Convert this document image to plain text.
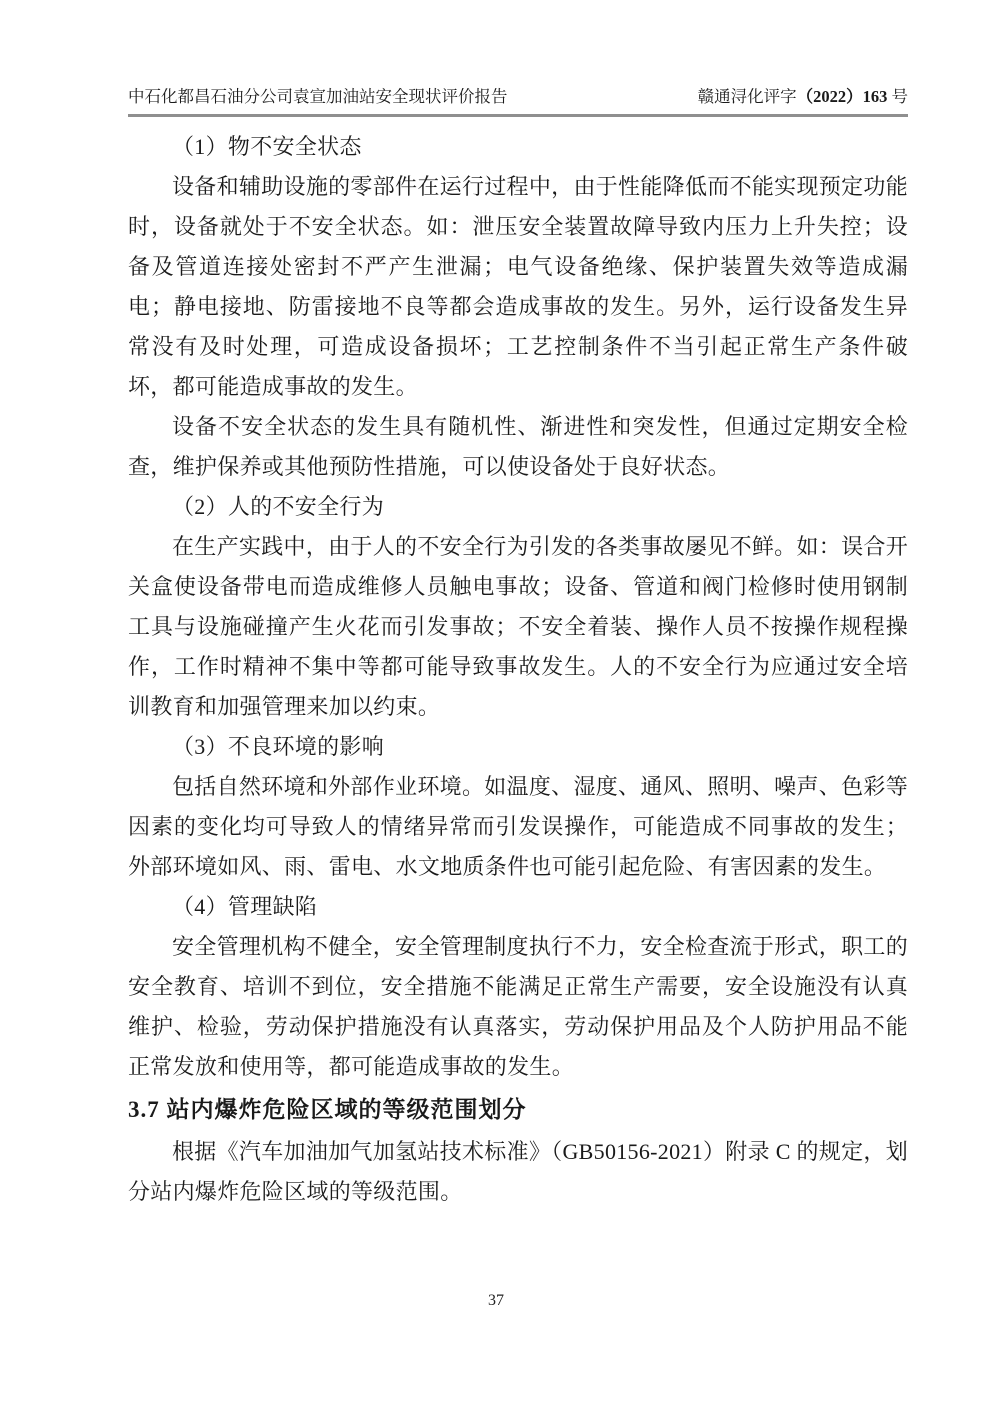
中石化都昌石油分公司袁宣加油站安全现状评价报告	赣通浔化评字（2022）163 号
（1）物不安全状态
设备和辅助设施的零部件在运行过程中，由于性能降低而不能实现预定功能时，设备就处于不安全状态。如：泄压安全装置故障导致内压力上升失控；设备及管道连接处密封不严产生泄漏；电气设备绝缘、保护装置失效等造成漏电；静电接地、防雷接地不良等都会造成事故的发生。另外，运行设备发生异常没有及时处理，可造成设备损坏；工艺控制条件不当引起正常生产条件破坏，都可能造成事故的发生。
设备不安全状态的发生具有随机性、渐进性和突发性，但通过定期安全检查，维护保养或其他预防性措施，可以使设备处于良好状态。
（2）人的不安全行为
在生产实践中，由于人的不安全行为引发的各类事故屡见不鲜。如：误合开关盒使设备带电而造成维修人员触电事故；设备、管道和阀门检修时使用钢制工具与设施碰撞产生火花而引发事故；不安全着装、操作人员不按操作规程操作，工作时精神不集中等都可能导致事故发生。人的不安全行为应通过安全培训教育和加强管理来加以约束。
（3）不良环境的影响
包括自然环境和外部作业环境。如温度、湿度、通风、照明、噪声、色彩等因素的变化均可导致人的情绪异常而引发误操作，可能造成不同事故的发生；外部环境如风、雨、雷电、水文地质条件也可能引起危险、有害因素的发生。
（4）管理缺陷
安全管理机构不健全，安全管理制度执行不力，安全检查流于形式，职工的安全教育、培训不到位，安全措施不能满足正常生产需要，安全设施没有认真维护、检验，劳动保护措施没有认真落实，劳动保护用品及个人防护用品不能正常发放和使用等，都可能造成事故的发生。
3.7 站内爆炸危险区域的等级范围划分
根据《汽车加油加气加氢站技术标准》（GB50156-2021）附录 C 的规定，划分站内爆炸危险区域的等级范围。
37
